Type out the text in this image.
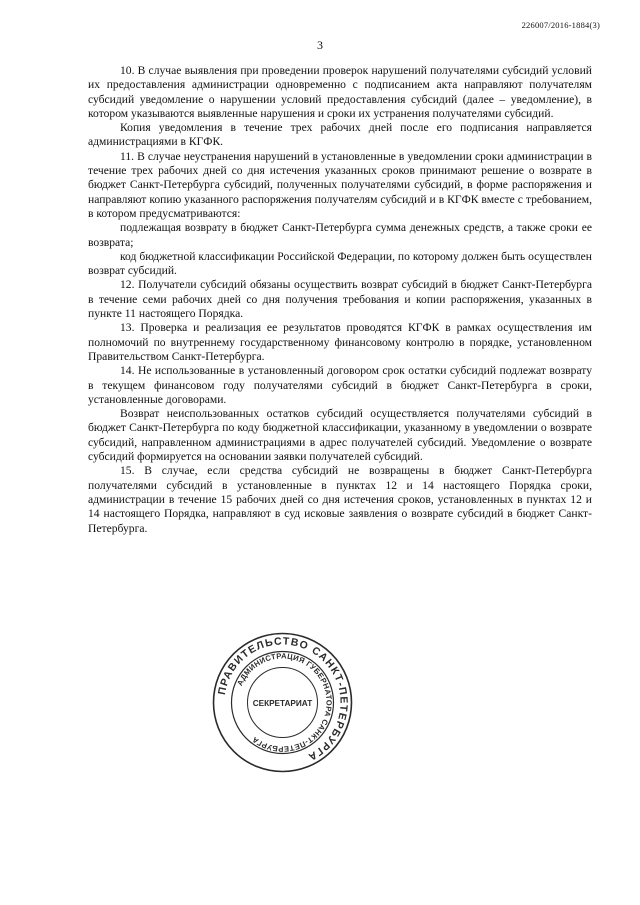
226007/2016-1884(3)
3

10. В случае выявления при проведении проверок нарушений получателями субсидий условий их предоставления администрации одновременно с подписанием акта направляют получателям субсидий уведомление о нарушении условий предоставления субсидий (далее – уведомление), в котором указываются выявленные нарушения и сроки их устранения получателями субсидий.

Копия уведомления в течение трех рабочих дней после его подписания направляется администрациями в КГФК.

11. В случае неустранения нарушений в установленные в уведомлении сроки администрации в течение трех рабочих дней со дня истечения указанных сроков принимают решение о возврате в бюджет Санкт-Петербурга субсидий, полученных получателями субсидий, в форме распоряжения и направляют копию указанного распоряжения получателям субсидий и в КГФК вместе с требованием, в котором предусматриваются:

подлежащая возврату в бюджет Санкт-Петербурга сумма денежных средств, а также сроки ее возврата;

код бюджетной классификации Российской Федерации, по которому должен быть осуществлен возврат субсидий.

12. Получатели субсидий обязаны осуществить возврат субсидий в бюджет Санкт-Петербурга в течение семи рабочих дней со дня получения требования и копии распоряжения, указанных в пункте 11 настоящего Порядка.

13. Проверка и реализация ее результатов проводятся КГФК в рамках осуществления им полномочий по внутреннему государственному финансовому контролю в порядке, установленном Правительством Санкт-Петербурга.

14. Не использованные в установленный договором срок остатки субсидий подлежат возврату в текущем финансовом году получателями субсидий в бюджет Санкт-Петербурга в сроки, установленные договорами.

Возврат неиспользованных остатков субсидий осуществляется получателями субсидий в бюджет Санкт-Петербурга по коду бюджетной классификации, указанному в уведомлении о возврате субсидий, направленном администрациями в адрес получателей субсидий. Уведомление о возврате субсидий формируется на основании заявки получателей субсидий.

15. В случае, если средства субсидий не возвращены в бюджет Санкт-Петербурга получателями субсидий в установленные в пунктах 12 и 14 настоящего Порядка сроки, администрации в течение 15 рабочих дней со дня истечения сроков, установленных в пунктах 12 и 14 настоящего Порядка, направляют в суд исковые заявления о возврате субсидий в бюджет Санкт-Петербурга.

ПРАВИТЕЛЬСТВО САНКТ-ПЕТЕРБУРГА
АДМИНИСТРАЦИЯ ГУБЕРНАТОРА САНКТ-ПЕТЕРБУРГА
СЕКРЕТАРИАТ
